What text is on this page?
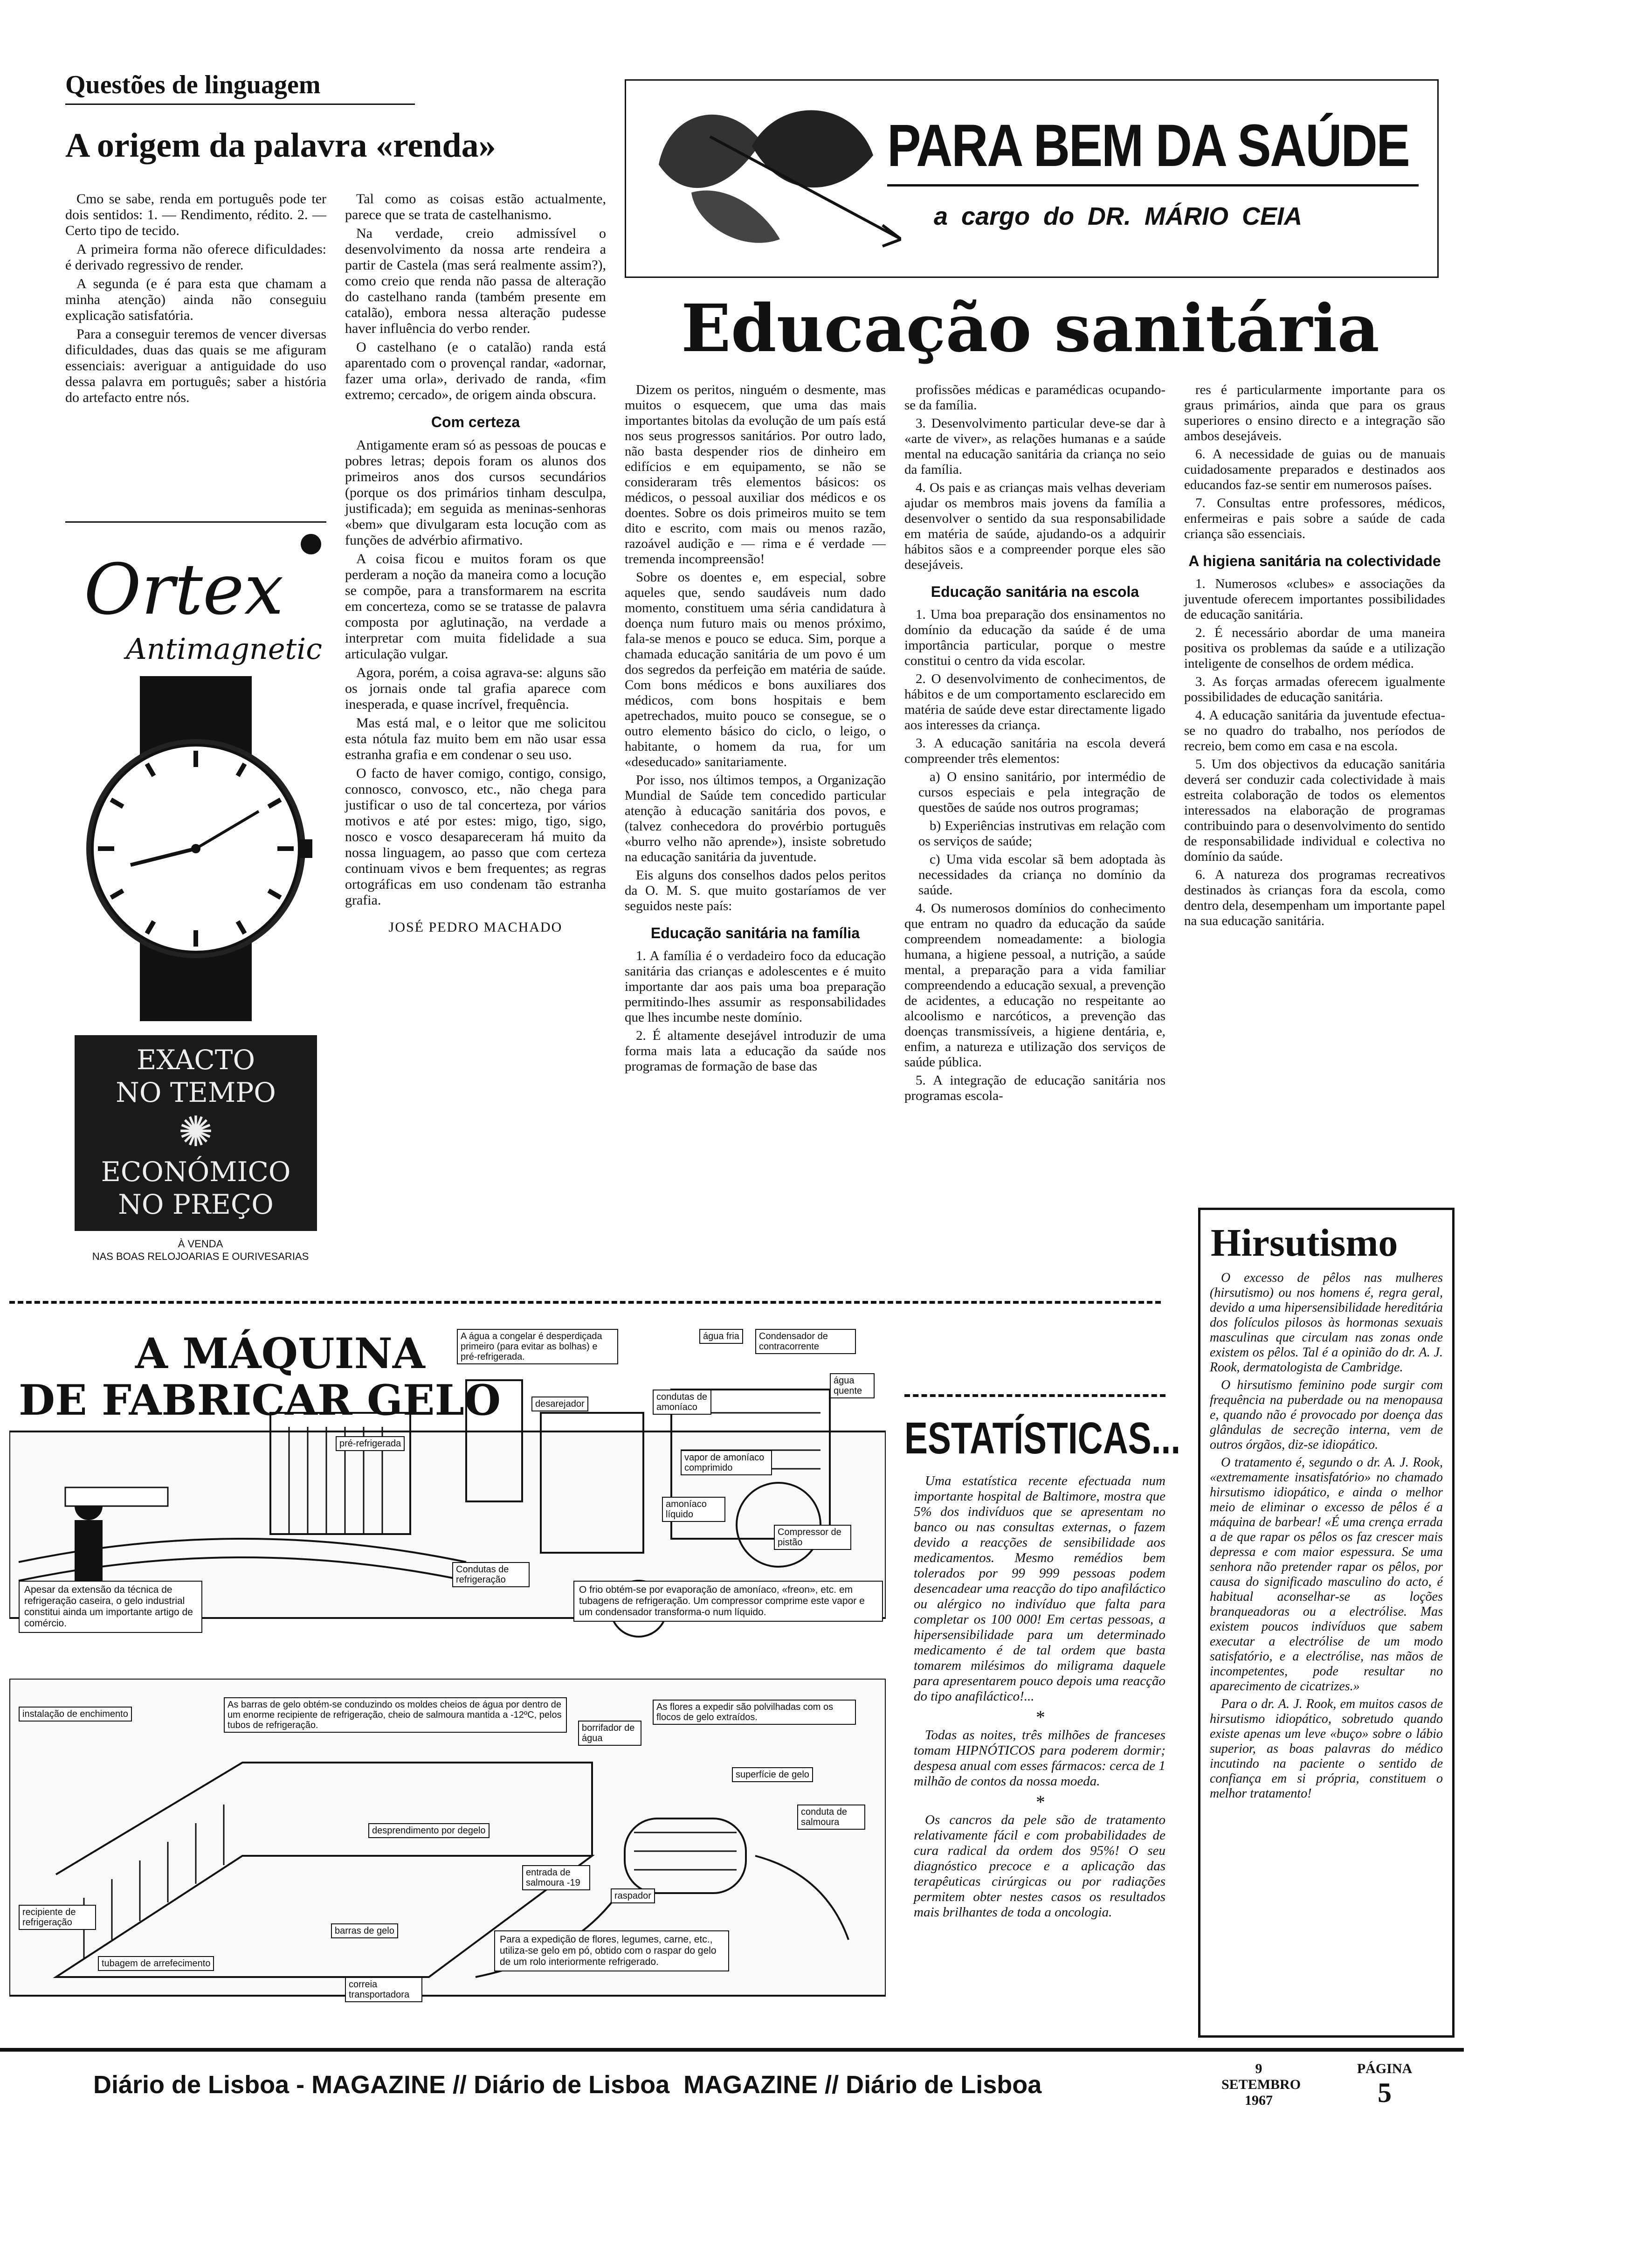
Questões de linguagem
A origem da palavra «renda»

Cmo se sabe, renda em português pode ter dois sentidos: 1. — Rendimento, rédito. 2. — Certo tipo de tecido.

A primeira forma não oferece dificuldades: é derivado regressivo de render.

A segunda (e é para esta que chamam a minha atenção) ainda não conseguiu explicação satisfatória.

Para a conseguir teremos de vencer diversas dificuldades, duas das quais se me afiguram essenciais: averiguar a antiguidade do uso dessa palavra em português; saber a história do artefacto entre nós.

Tal como as coisas estão actualmente, parece que se trata de castelhanismo.

Na verdade, creio admissível o desenvolvimento da nossa arte rendeira a partir de Castela (mas será realmente assim?), como creio que renda não passa de alteração do castelhano randa (também presente em catalão), embora nessa alteração pudesse haver influência do verbo render.

O castelhano (e o catalão) randa está aparentado com o provençal randar, «adornar, fazer uma orla», derivado de randa, «fim extremo; cercado», de origem ainda obscura.

Com certeza

Antigamente eram só as pessoas de poucas e pobres letras; depois foram os alunos dos primeiros anos dos cursos secundários (porque os dos primários tinham desculpa, justificada); em seguida as meninas-senhoras «bem» que divulgaram esta locução com as funções de advérbio afirmativo.

A coisa ficou e muitos foram os que perderam a noção da maneira como a locução se compõe, para a transformarem na escrita em concerteza, como se se tratasse de palavra composta por aglutinação, na verdade a interpretar com muita fidelidade a sua articulação vulgar.

Agora, porém, a coisa agrava-se: alguns são os jornais onde tal grafia aparece com inesperada, e quase incrível, frequência.

Mas está mal, e o leitor que me solicitou esta nótula faz muito bem em não usar essa estranha grafia e em condenar o seu uso.

O facto de haver comigo, contigo, consigo, connosco, convosco, etc., não chega para justificar o uso de tal concerteza, por vários motivos e até por estes: migo, tigo, sigo, nosco e vosco desapareceram há muito da nossa linguagem, ao passo que com certeza continuam vivos e bem frequentes; as regras ortográficas em uso condenam tão estranha grafia.

JOSÉ PEDRO MACHADO
Ortex
Antimagnetic
EXACTO
NO TEMPO
✺
ECONÓMICO
NO PREÇO
À VENDA
NAS BOAS RELOJOARIAS E OURIVESARIAS
PARA BEM DA SAÚDE
a cargo do DR. MÁRIO CEIA
Educação sanitária

Dizem os peritos, ninguém o desmente, mas muitos o esquecem, que uma das mais importantes bitolas da evolução de um país está nos seus progressos sanitários. Por outro lado, não basta despender rios de dinheiro em edifícios e em equipamento, se não se consideraram três elementos básicos: os médicos, o pessoal auxiliar dos médicos e os doentes. Sobre os dois primeiros muito se tem dito e escrito, com mais ou menos razão, razoável audição e — rima e é verdade — tremenda incompreensão!

Sobre os doentes e, em especial, sobre aqueles que, sendo saudáveis num dado momento, constituem uma séria candidatura à doença num futuro mais ou menos próximo, fala-se menos e pouco se educa. Sim, porque a chamada educação sanitária de um povo é um dos segredos da perfeição em matéria de saúde. Com bons médicos e bons auxiliares dos médicos, com bons hospitais e bem apetrechados, muito pouco se consegue, se o outro elemento básico do ciclo, o leigo, o habitante, o homem da rua, for um «deseducado» sanitariamente.

Por isso, nos últimos tempos, a Organização Mundial de Saúde tem concedido particular atenção à educação sanitária dos povos, e (talvez conhecedora do provérbio português «burro velho não aprende»), insiste sobretudo na educação sanitária da juventude.

Eis alguns dos conselhos dados pelos peritos da O. M. S. que muito gostaríamos de ver seguidos neste país:

Educação sanitária na família

1. A família é o verdadeiro foco da educação sanitária das crianças e adolescentes e é muito importante dar aos pais uma boa preparação permitindo-lhes assumir as responsabilidades que lhes incumbe neste domínio.

2. É altamente desejável introduzir de uma forma mais lata a educação da saúde nos programas de formação de base das

profissões médicas e paramédicas ocupando-se da família.

3. Desenvolvimento particular deve-se dar à «arte de viver», as relações humanas e a saúde mental na educação sanitária da criança no seio da família.

4. Os pais e as crianças mais velhas deveriam ajudar os membros mais jovens da família a desenvolver o sentido da sua responsabilidade em matéria de saúde, ajudando-os a adquirir hábitos sãos e a compreender porque eles são desejáveis.

Educação sanitária na escola

1. Uma boa preparação dos ensinamentos no domínio da educação da saúde é de uma importância particular, porque o mestre constitui o centro da vida escolar.

2. O desenvolvimento de conhecimentos, de hábitos e de um comportamento esclarecido em matéria de saúde deve estar directamente ligado aos interesses da criança.

3. A educação sanitária na escola deverá compreender três elementos:

a) O ensino sanitário, por intermédio de cursos especiais e pela integração de questões de saúde nos outros programas;

b) Experiências instrutivas em relação com os serviços de saúde;

c) Uma vida escolar sã bem adoptada às necessidades da criança no domínio da saúde.

4. Os numerosos domínios do conhecimento que entram no quadro da educação da saúde compreendem nomeadamente: a biologia humana, a higiene pessoal, a nutrição, a saúde mental, a preparação para a vida familiar compreendendo a educação sexual, a prevenção de acidentes, a educação no respeitante ao alcoolismo e narcóticos, a prevenção das doenças transmissíveis, a higiene dentária, e, enfim, a natureza e utilização dos serviços de saúde pública.

5. A integração de educação sanitária nos programas escola-

res é particularmente importante para os graus primários, ainda que para os graus superiores o ensino directo e a integração são ambos desejáveis.

6. A necessidade de guias ou de manuais cuidadosamente preparados e destinados aos educandos faz-se sentir em numerosos países.

7. Consultas entre professores, médicos, enfermeiras e pais sobre a saúde de cada criança são essenciais.

A higiena sanitária na colectividade

1. Numerosos «clubes» e associações da juventude oferecem importantes possibilidades de educação sanitária.

2. É necessário abordar de uma maneira positiva os problemas da saúde e a utilização inteligente de conselhos de ordem médica.

3. As forças armadas oferecem igualmente possibilidades de educação sanitária.

4. A educação sanitária da juventude efectua-se no quadro do trabalho, nos períodos de recreio, bem como em casa e na escola.

5. Um dos objectivos da educação sanitária deverá ser conduzir cada colectividade à mais estreita colaboração de todos os elementos interessados na elaboração de programas contribuindo para o desenvolvimento do sentido de responsabilidade individual e colectiva no domínio da saúde.

6. A natureza dos programas recreativos destinados às crianças fora da escola, como dentro dela, desempenham um importante papel na sua educação sanitária.

ESTATÍSTICAS...

Uma estatística recente efectuada num importante hospital de Baltimore, mostra que 5% dos indivíduos que se apresentam no banco ou nas consultas externas, o fazem devido a reacções de sensibilidade aos medicamentos. Mesmo remédios bem tolerados por 99 999 pessoas podem desencadear uma reacção do tipo anafiláctico ou alérgico no indivíduo que falta para completar os 100 000! Em certas pessoas, a hipersensibilidade para um determinado medicamento é de tal ordem que basta tomarem milésimos do miligrama daquele para apresentarem pouco depois uma reacção do tipo anafiláctico!...

*

Todas as noites, três milhões de franceses tomam HIPNÓTICOS para poderem dormir; despesa anual com esses fármacos: cerca de 1 milhão de contos da nossa moeda.

*

Os cancros da pele são de tratamento relativamente fácil e com probabilidades de cura radical da ordem dos 95%! O seu diagnóstico precoce e a aplicação das terapêuticas cirúrgicas ou por radiações permitem obter nestes casos os resultados mais brilhantes de toda a oncologia.

Hirsutismo

O excesso de pêlos nas mulheres (hirsutismo) ou nos homens é, regra geral, devido a uma hipersensibilidade hereditária dos folículos pilosos às hormonas sexuais masculinas que circulam nas zonas onde existem os pêlos. Tal é a opinião do dr. A. J. Rook, dermatologista de Cambridge.

O hirsutismo feminino pode surgir com frequência na puberdade ou na menopausa e, quando não é provocado por doença das glândulas de secreção interna, vem de outros órgãos, diz-se idiopático.

O tratamento é, segundo o dr. A. J. Rook, «extremamente insatisfatório» no chamado hirsutismo idiopático, e ainda o melhor meio de eliminar o excesso de pêlos é a máquina de barbear! «É uma crença errada a de que rapar os pêlos os faz crescer mais depressa e com maior espessura. Se uma senhora não pretender rapar os pêlos, por causa do significado masculino do acto, é habitual aconselhar-se as loções branqueadoras ou a electrólise. Mas existem poucos indivíduos que sabem executar a electrólise de um modo satisfatório, e a electrólise, nas mãos de incompetentes, pode resultar no aparecimento de cicatrizes.»

Para o dr. A. J. Rook, em muitos casos de hirsutismo idiopático, sobretudo quando existe apenas um leve «buço» sobre o lábio superior, as boas palavras do médico incutindo na paciente o sentido de confiança em si própria, constituem o melhor tratamento!

A MÁQUINA
DE FABRICAR GELO
pré-refrigerada
A água a congelar é desperdiçada primeiro (para evitar as bolhas) e pré-refrigerada.
água fria	Condensador de contracorrente
água quente
desarejador
condutas de amoníaco
vapor de amoníaco comprimido
amoníaco líquido
Compressor de pistão
Condutas de refrigeração
Apesar da extensão da técnica de refrigeração caseira, o gelo industrial constitui ainda um importante artigo de comércio.
O frio obtém-se por evaporação de amoníaco, «freon», etc. em tubagens de refrigeração. Um compressor comprime este vapor e um condensador transforma-o num líquido.
instalação de enchimento
As barras de gelo obtém-se conduzindo os moldes cheios de água por dentro de um enorme recipiente de refrigeração, cheio de salmoura mantida a -12ºC, pelos tubos de refrigeração.	borrifador de água
As flores a expedir são polvilhadas com os flocos de gelo extraídos.
superfície de gelo
conduta de salmoura
desprendimento por degelo
entrada de salmoura -19
raspador
recipiente de refrigeração
barras de gelo
tubagem de arrefecimento
correia transportadora
Para a expedição de flores, legumes, carne, etc., utiliza-se gelo em pó, obtido com o raspar do gelo de um rolo interiormente refrigerado.
Diário de Lisboa - MAGAZINE // Diário de Lisboa  MAGAZINE // Diário de Lisboa
9
SETEMBRO
1967
PÁGINA
5
